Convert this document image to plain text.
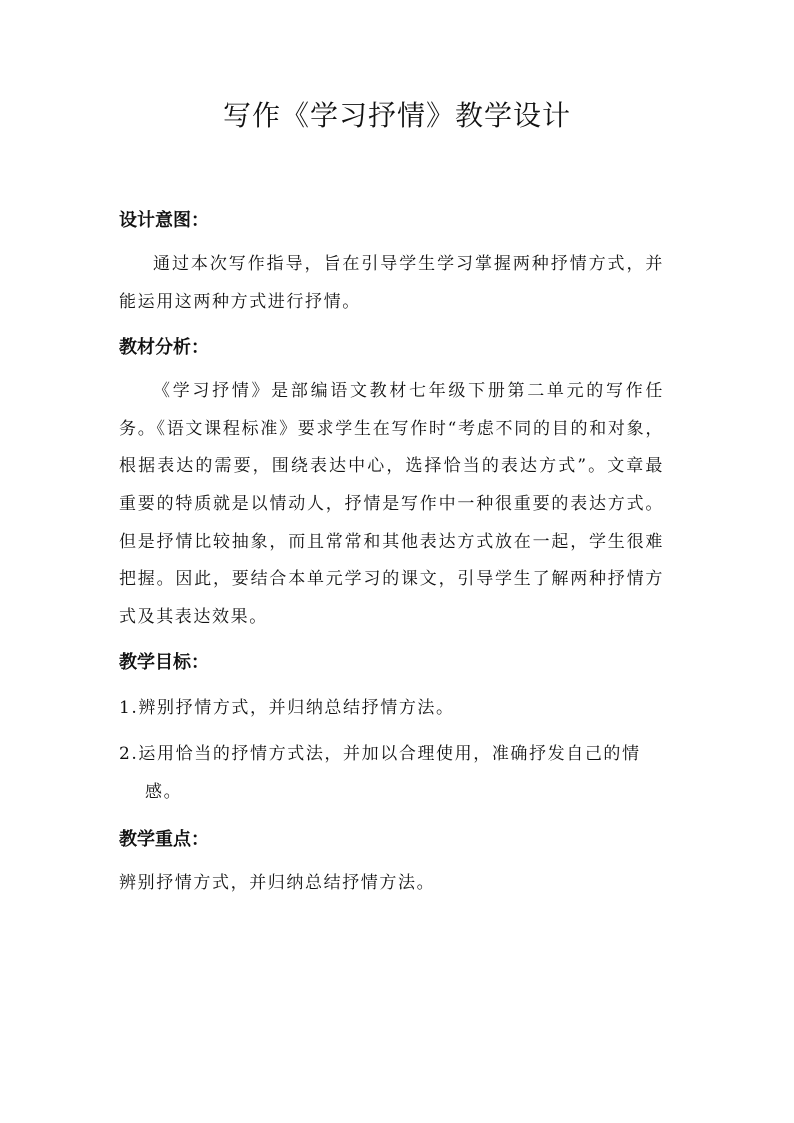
写作《学习抒情》教学设计
设计意图：

通过本次写作指导，旨在引导学生学习掌握两种抒情方式，并能运用这两种方式进行抒情。

教材分析：

《学习抒情》是部编语文教材七年级下册第二单元的写作任务。《语文课程标准》要求学生在写作时“考虑不同的目的和对象，根据表达的需要，围绕表达中心，选择恰当的表达方式”。文章最重要的特质就是以情动人，抒情是写作中一种很重要的表达方式。但是抒情比较抽象，而且常常和其他表达方式放在一起，学生很难把握。因此，要结合本单元学习的课文，引导学生了解两种抒情方式及其表达效果。

教学目标：

1.辨别抒情方式，并归纳总结抒情方法。

2.运用恰当的抒情方式法，并加以合理使用，准确抒发自己的情感。

教学重点：

辨别抒情方式，并归纳总结抒情方法。
